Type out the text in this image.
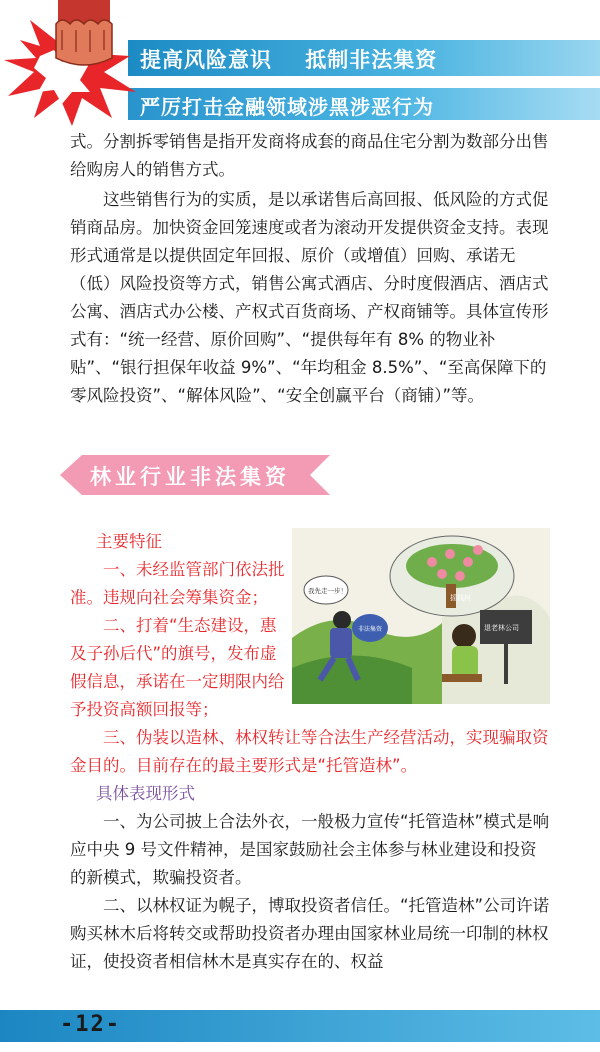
提高风险意识    抵制非法集资
严厉打击金融领域涉黑涉恶行为

式。分割拆零销售是指开发商将成套的商品住宅分割为数部分出售给购房人的销售方式。

这些销售行为的实质，是以承诺售后高回报、低风险的方式促销商品房。加快资金回笼速度或者为滚动开发提供资金支持。表现形式通常是以提供固定年回报、原价（或增值）回购、承诺无（低）风险投资等方式，销售公寓式酒店、分时度假酒店、酒店式公寓、酒店式办公楼、产权式百货商场、产权商铺等。具体宣传形式有：“统一经营、原价回购”、“提供每年有 8% 的物业补贴”、“银行担保年收益 9%”、“年均租金 8.5%”、“至高保障下的零风险投资”、“解体风险”、“安全创赢平台（商铺）”等。

林业行业非法集资

主要特征

一、未经监管部门依法批准。违规向社会筹集资金；

二、打着“生态建设，惠及子孙后代”的旗号，发布虚假信息，承诺在一定期限内给予投资高额回报等；

三、伪装以造林、林权转让等合法生产经营活动，实现骗取资金目的。目前存在的最主要形式是“托管造林”。

摇钱树
退老林公司
我先走一步！
非法集资

具体表现形式

一、为公司披上合法外衣，一般极力宣传“托管造林”模式是响应中央 9 号文件精神，是国家鼓励社会主体参与林业建设和投资的新模式，欺骗投资者。

二、以林权证为幌子，博取投资者信任。“托管造林”公司许诺购买林木后将转交或帮助投资者办理由国家林业局统一印制的林权证，使投资者相信林木是真实存在的、权益

-12-
